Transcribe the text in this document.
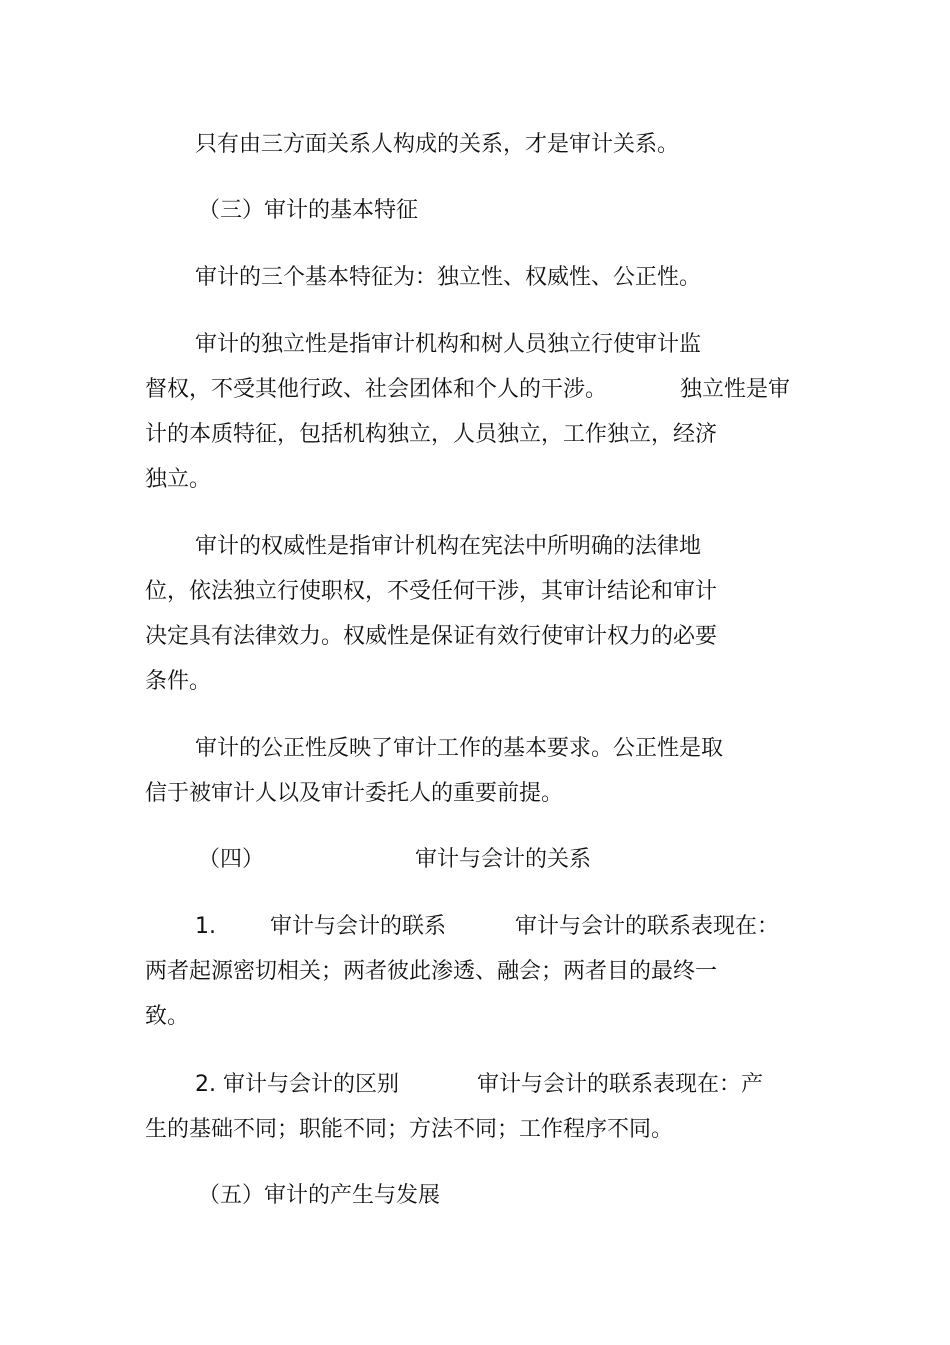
只有由三方面关系人构成的关系，才是审计关系。
（三）审计的基本特征
审计的三个基本特征为：独立性、权威性、公正性。
审计的独立性是指审计机构和树人员独立行使审计监
督权，不受其他行政、社会团体和个人的干涉。	独立性是审
计的本质特征，包括机构独立，人员独立，工作独立，经济
独立。
审计的权威性是指审计机构在宪法中所明确的法律地
位，依法独立行使职权，不受任何干涉，其审计结论和审计
决定具有法律效力。权威性是保证有效行使审计权力的必要
条件。
审计的公正性反映了审计工作的基本要求。公正性是取
信于被审计人以及审计委托人的重要前提。
（四）	审计与会计的关系
1. 审计与会计的联系	审计与会计的联系表现在：
两者起源密切相关；两者彼此渗透、融会；两者目的最终一
致。
2. 审计与会计的区别	审计与会计的联系表现在：产
生的基础不同；职能不同；方法不同；工作程序不同。
（五）审计的产生与发展
